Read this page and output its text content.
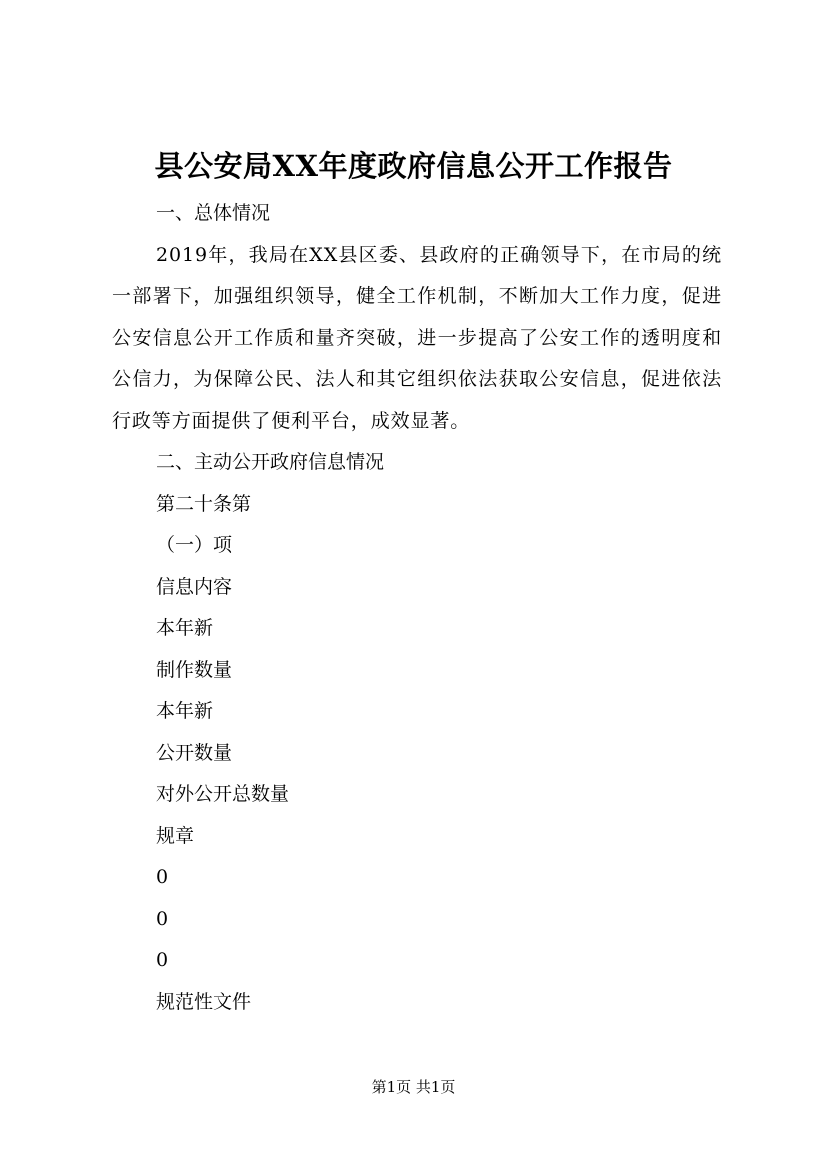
县公安局XX年度政府信息公开工作报告

一、总体情况

2019年，我局在XX县区委、县政府的正确领导下，在市局的统一部署下，加强组织领导，健全工作机制，不断加大工作力度，促进公安信息公开工作质和量齐突破，进一步提高了公安工作的透明度和公信力，为保障公民、法人和其它组织依法获取公安信息，促进依法行政等方面提供了便利平台，成效显著。

二、主动公开政府信息情况

第二十条第

（一）项

信息内容

本年新

制作数量

本年新

公开数量

对外公开总数量

规章

0

0

0

规范性文件

第1页 共1页
